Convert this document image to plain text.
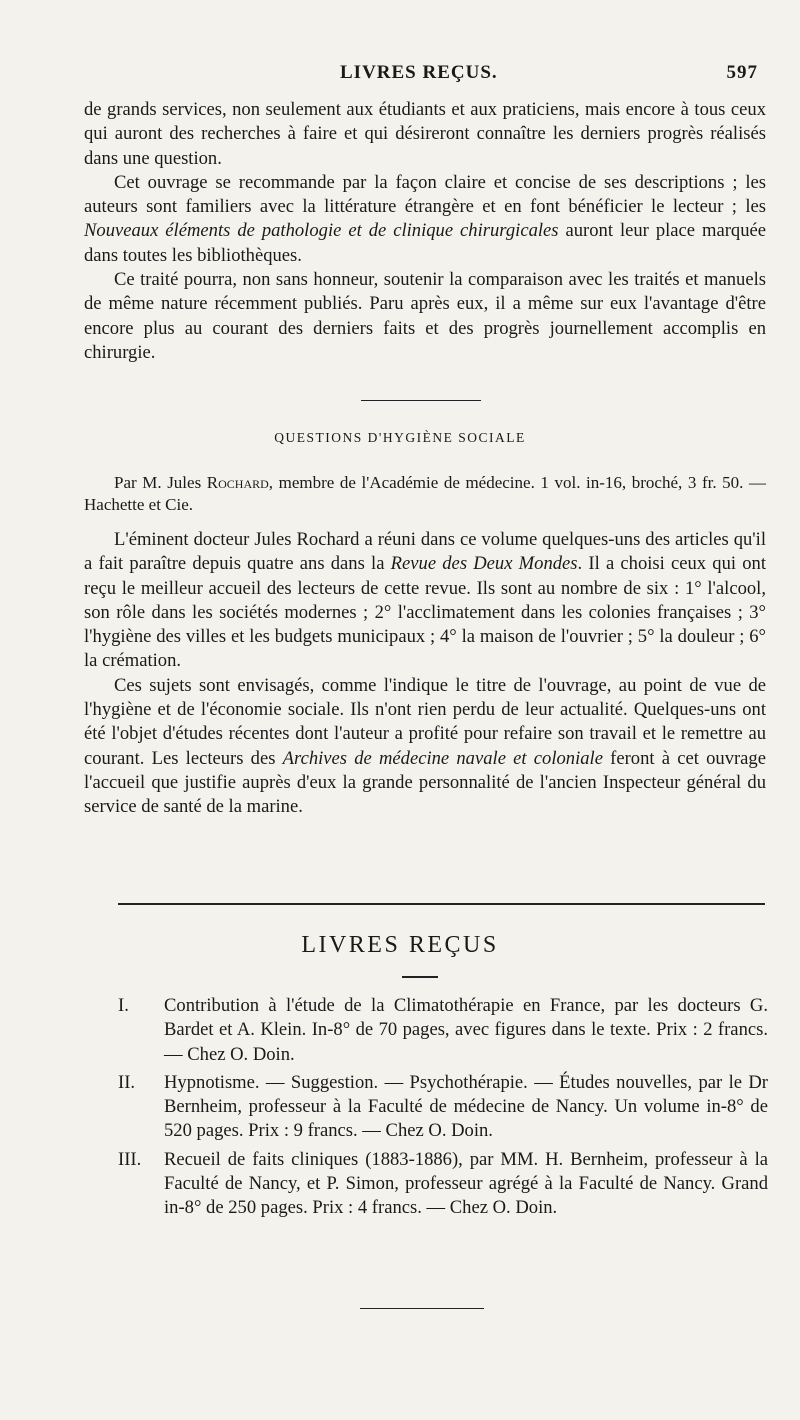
LIVRES REÇUS.	597

de grands services, non seulement aux étudiants et aux praticiens, mais encore à tous ceux qui auront des recherches à faire et qui désireront connaître les derniers progrès réalisés dans une question.

Cet ouvrage se recommande par la façon claire et concise de ses descriptions ; les auteurs sont familiers avec la littérature étrangère et en font bénéficier le lecteur ; les Nouveaux éléments de pathologie et de clinique chirurgicales auront leur place marquée dans toutes les bibliothèques.

Ce traité pourra, non sans honneur, soutenir la comparaison avec les traités et manuels de même nature récemment publiés. Paru après eux, il a même sur eux l'avantage d'être encore plus au courant des derniers faits et des progrès journellement accomplis en chirurgie.

QUESTIONS D'HYGIÈNE SOCIALE

Par M. Jules Rochard, membre de l'Académie de médecine. 1 vol. in-16, broché, 3 fr. 50. — Hachette et Cie.

L'éminent docteur Jules Rochard a réuni dans ce volume quelques-uns des articles qu'il a fait paraître depuis quatre ans dans la Revue des Deux Mondes. Il a choisi ceux qui ont reçu le meilleur accueil des lecteurs de cette revue. Ils sont au nombre de six : 1° l'alcool, son rôle dans les sociétés modernes ; 2° l'acclimatement dans les colonies françaises ; 3° l'hygiène des villes et les budgets municipaux ; 4° la maison de l'ouvrier ; 5° la douleur ; 6° la crémation.

Ces sujets sont envisagés, comme l'indique le titre de l'ouvrage, au point de vue de l'hygiène et de l'économie sociale. Ils n'ont rien perdu de leur actualité. Quelques-uns ont été l'objet d'études récentes dont l'auteur a profité pour refaire son travail et le remettre au courant. Les lecteurs des Archives de médecine navale et coloniale feront à cet ouvrage l'accueil que justifie auprès d'eux la grande personnalité de l'ancien Inspecteur général du service de santé de la marine.

LIVRES REÇUS
I. Contribution à l'étude de la Climatothérapie en France, par les docteurs G. Bardet et A. Klein. In-8° de 70 pages, avec figures dans le texte. Prix : 2 francs. — Chez O. Doin.

II. Hypnotisme. — Suggestion. — Psychothérapie. — Études nouvelles, par le Dr Bernheim, professeur à la Faculté de médecine de Nancy. Un volume in-8° de 520 pages. Prix : 9 francs. — Chez O. Doin.

III. Recueil de faits cliniques (1883-1886), par MM. H. Bernheim, professeur à la Faculté de Nancy, et P. Simon, professeur agrégé à la Faculté de Nancy. Grand in-8° de 250 pages. Prix : 4 francs. — Chez O. Doin.
